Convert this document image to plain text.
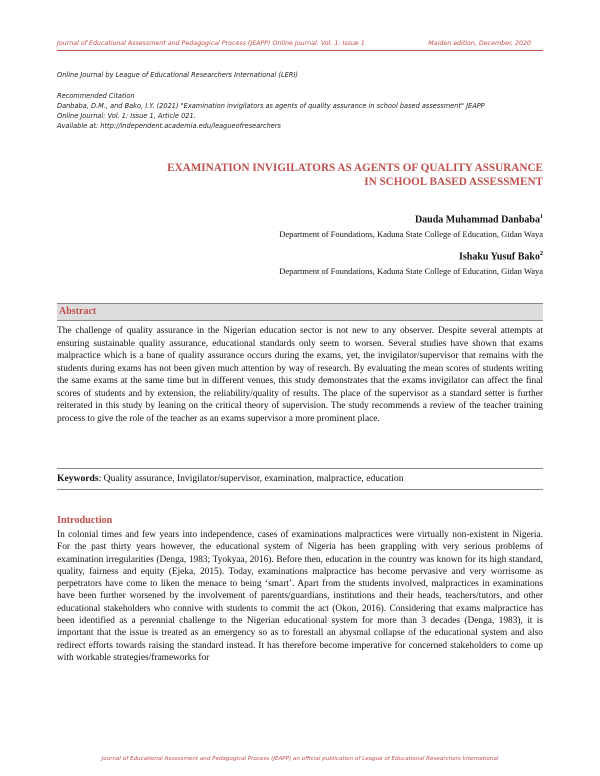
Journal of Educational Assessment and Pedagogical Process (JEAPP) Online Journal: Vol. 1: Issue 1	Maiden edition, December, 2020
Online Journal by League of Educational Researchers International (LERI)
Recommended Citation
Danbaba, D.M., and Bako, I.Y. (2021) "Examination invigilators as agents of quality assurance in school based assessment" JEAPP
Online Journal: Vol. 1: Issue 1, Article 021.
Available at: http://independent.academia.edu/leagueofresearchers
EXAMINATION INVIGILATORS AS AGENTS OF QUALITY ASSURANCE
IN SCHOOL BASED ASSESSMENT
Dauda Muhammad Danbaba$^1$
Department of Foundations, Kaduna State College of Education, Gidan Waya
Ishaku Yusuf Bako$^2$
Department of Foundations, Kaduna State College of Education, Gidan Waya
Abstract
The challenge of quality assurance in the Nigerian education sector is not new to any observer. Despite several attempts at ensuring sustainable quality assurance, educational standards only seem to worsen. Several studies have shown that exams malpractice which is a bane of quality assurance occurs during the exams, yet, the invigilator/supervisor that remains with the students during exams has not been given much attention by way of research. By evaluating the mean scores of students writing the same exams at the same time but in different venues, this study demonstrates that the exams invigilator can affect the final scores of students and by extension, the reliability/quality of results. The place of the supervisor as a standard setter is further reiterated in this study by leaning on the critical theory of supervision. The study recommends a review of the teacher training process to give the role of the teacher as an exams supervisor a more prominent place.
Keywords: Quality assurance, Invigilator/supervisor, examination, malpractice, education
Introduction
In colonial times and few years into independence, cases of examinations malpractices were virtually non-existent in Nigeria. For the past thirty years however, the educational system of Nigeria has been grappling with very serious problems of examination irregularities (Denga, 1983; Tyokyaa, 2016). Before then, education in the country was known for its high standard, quality, fairness and equity (Ejeka, 2015). Today, examinations malpractice has become pervasive and very worrisome as perpetrators have come to liken the menace to being ‘smart’. Apart from the students involved, malpractices in examinations have been further worsened by the involvement of parents/guardians, institutions and their heads, teachers/tutors, and other educational stakeholders who connive with students to commit the act (Okon, 2016). Considering that exams malpractice has been identified as a perennial challenge to the Nigerian educational system for more than 3 decades (Denga, 1983), it is important that the issue is treated as an emergency so as to forestall an abysmal collapse of the educational system and also redirect efforts towards raising the standard instead. It has therefore become imperative for concerned stakeholders to come up with workable strategies/frameworks for
Journal of Educational Assessment and Pedagogical Process (JEAPP) an official publication of League of Educational Researchers International
